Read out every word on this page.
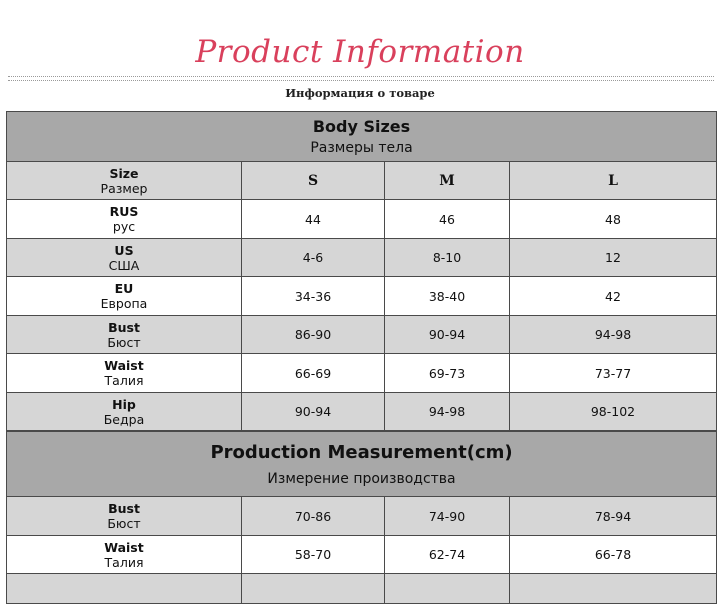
Product Information
Информация о товаре
Body Sizes
Размеры тела			

Size
Размер	S	M	L

RUS
рус	44	46	48

US
США	4-6	8-10	12

EU
Европа	34-36	38-40	42

Bust
Бюст	86-90	90-94	94-98

Waist
Талия	66-69	69-73	73-77

Hip
Бедра	90-94	94-98	98-102
Production Measurement(cm)
Измерение производства			

Bust
Бюст	70-86	74-90	78-94

Waist
Талия	58-70	62-74	66-78
